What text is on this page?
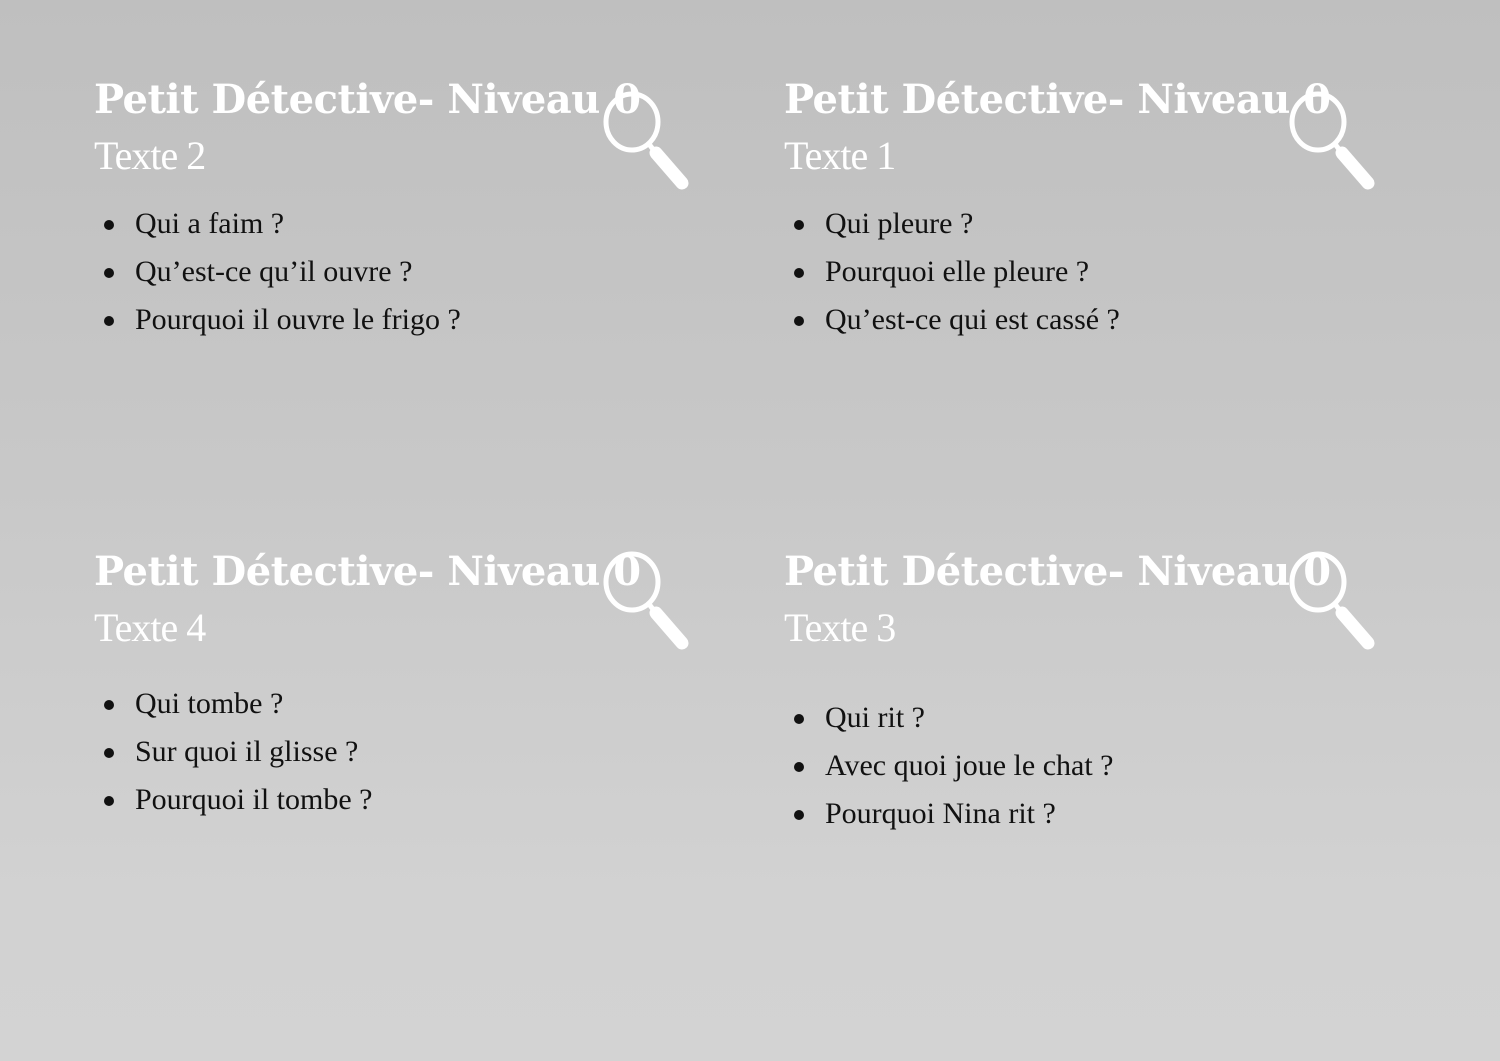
Petit Détective- Niveau 0
Texte 2
Qui a faim ?
Qu’est-ce qu’il ouvre ?
Pourquoi il ouvre le frigo ?
Petit Détective- Niveau 0
Texte 1
Qui pleure ?
Pourquoi elle pleure ?
Qu’est-ce qui est cassé ?
Petit Détective- Niveau 0
Texte 4
Qui tombe ?
Sur quoi il glisse ?
Pourquoi il tombe ?
Petit Détective- Niveau 0
Texte 3
Qui rit ?
Avec quoi joue le chat ?
Pourquoi Nina rit ?
